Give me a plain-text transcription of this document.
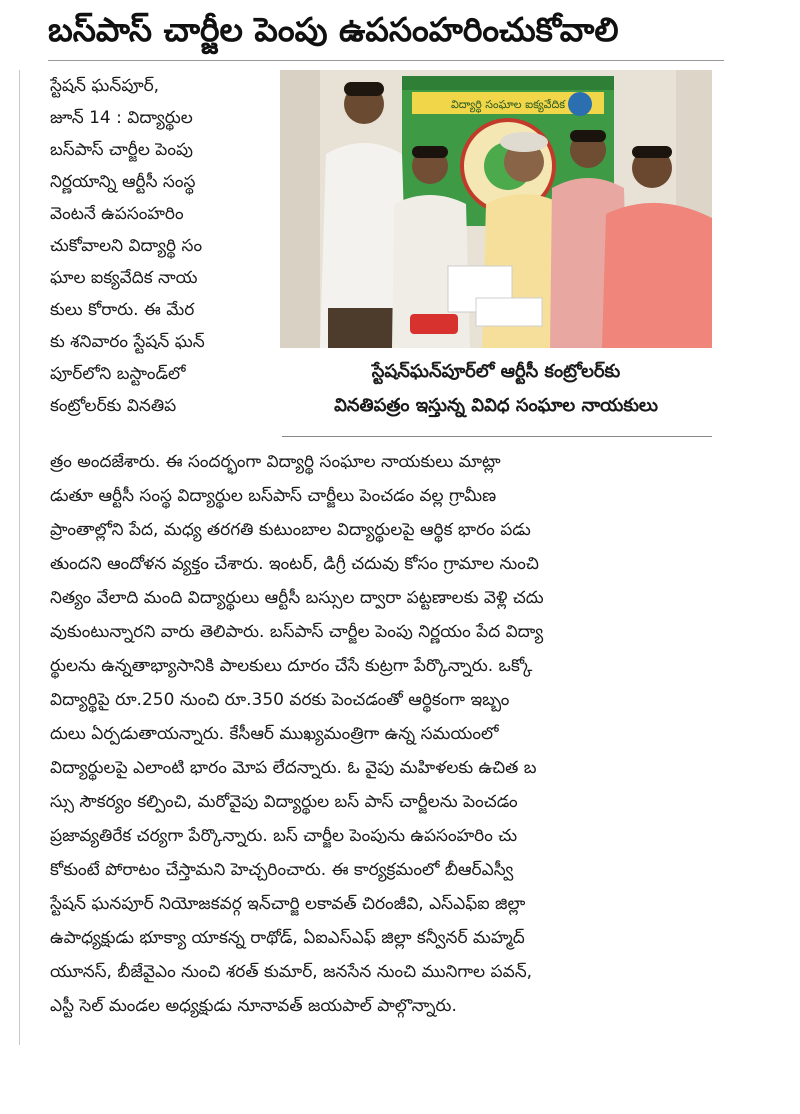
బస్‌పాస్ చార్జీల పెంపు ఉపసంహరించుకోవాలి
స్టేషన్ ఘన్‌పూర్,
జూన్ 14 : విద్యార్థుల
బస్‌పాస్ చార్జీల పెంపు
నిర్ణయాన్ని ఆర్టీసీ సంస్థ
వెంటనే ఉపసంహరిం
చుకోవాలని విద్యార్థి సం
ఘాల ఐక్యవేదిక నాయ
కులు కోరారు. ఈ మేర
కు శనివారం స్టేషన్ ఘన్
పూర్‌లోని బస్టాండ్‌లో
కంట్రోలర్‌కు వినతిప
విద్యార్థి సంఘాల ఐక్యవేదిక
స్టేషన్‌ఘన్‌పూర్‌లో ఆర్టీసీ కంట్రోలర్‌కు
వినతిపత్రం ఇస్తున్న వివిధ సంఘాల నాయకులు
త్రం అందజేశారు. ఈ సందర్భంగా విద్యార్థి సంఘాల నాయకులు మాట్లా
డుతూ ఆర్టీసీ సంస్థ విద్యార్థుల బస్‌పాస్ చార్జీలు పెంచడం వల్ల గ్రామీణ
ప్రాంతాల్లోని పేద, మధ్య తరగతి కుటుంబాల విద్యార్థులపై ఆర్థిక భారం పడు
తుందని ఆందోళన వ్యక్తం చేశారు. ఇంటర్, డిగ్రీ చదువు కోసం గ్రామాల నుంచి
నిత్యం వేలాది మంది విద్యార్థులు ఆర్టీసీ బస్సుల ద్వారా పట్టణాలకు వెళ్లి చదు
వుకుంటున్నారని వారు తెలిపారు. బస్‌పాస్ చార్జీల పెంపు నిర్ణయం పేద విద్యా
ర్థులను ఉన్నతాభ్యాసానికి పాలకులు దూరం చేసే కుట్రగా పేర్కొన్నారు. ఒక్కో
విద్యార్థిపై రూ.250 నుంచి రూ.350 వరకు పెంచడంతో ఆర్థికంగా ఇబ్బం
దులు ఏర్పడుతాయన్నారు. కేసీఆర్ ముఖ్యమంత్రిగా ఉన్న సమయంలో
విద్యార్థులపై ఎలాంటి భారం మోప లేదన్నారు. ఓ వైపు మహిళలకు ఉచిత బ
స్సు సౌకర్యం కల్పించి, మరోవైపు విద్యార్థుల బస్ పాస్ చార్జీలను పెంచడం
ప్రజావ్యతిరేక చర్యగా పేర్కొన్నారు. బస్ చార్జీల పెంపును ఉపసంహరిం చు
కోకుంటే పోరాటం చేస్తామని హెచ్చరించారు. ఈ కార్యక్రమంలో బీఆర్ఎస్వీ
స్టేషన్ ఘనపూర్ నియోజకవర్గ ఇన్‌చార్జి లకావత్ చిరంజీవి, ఎస్ఎఫ్ఐ జిల్లా
ఉపాధ్యక్షుడు భూక్యా యాకన్న రాథోడ్, ఏఐఎస్ఎఫ్ జిల్లా కన్వీనర్ మహ్మద్
యూనస్, బీజేవైఎం నుంచి శరత్ కుమార్, జనసేన నుంచి మునిగాల పవన్,
ఎస్టీ సెల్ మండల అధ్యక్షుడు నూనావత్ జయపాల్ పాల్గొన్నారు.
